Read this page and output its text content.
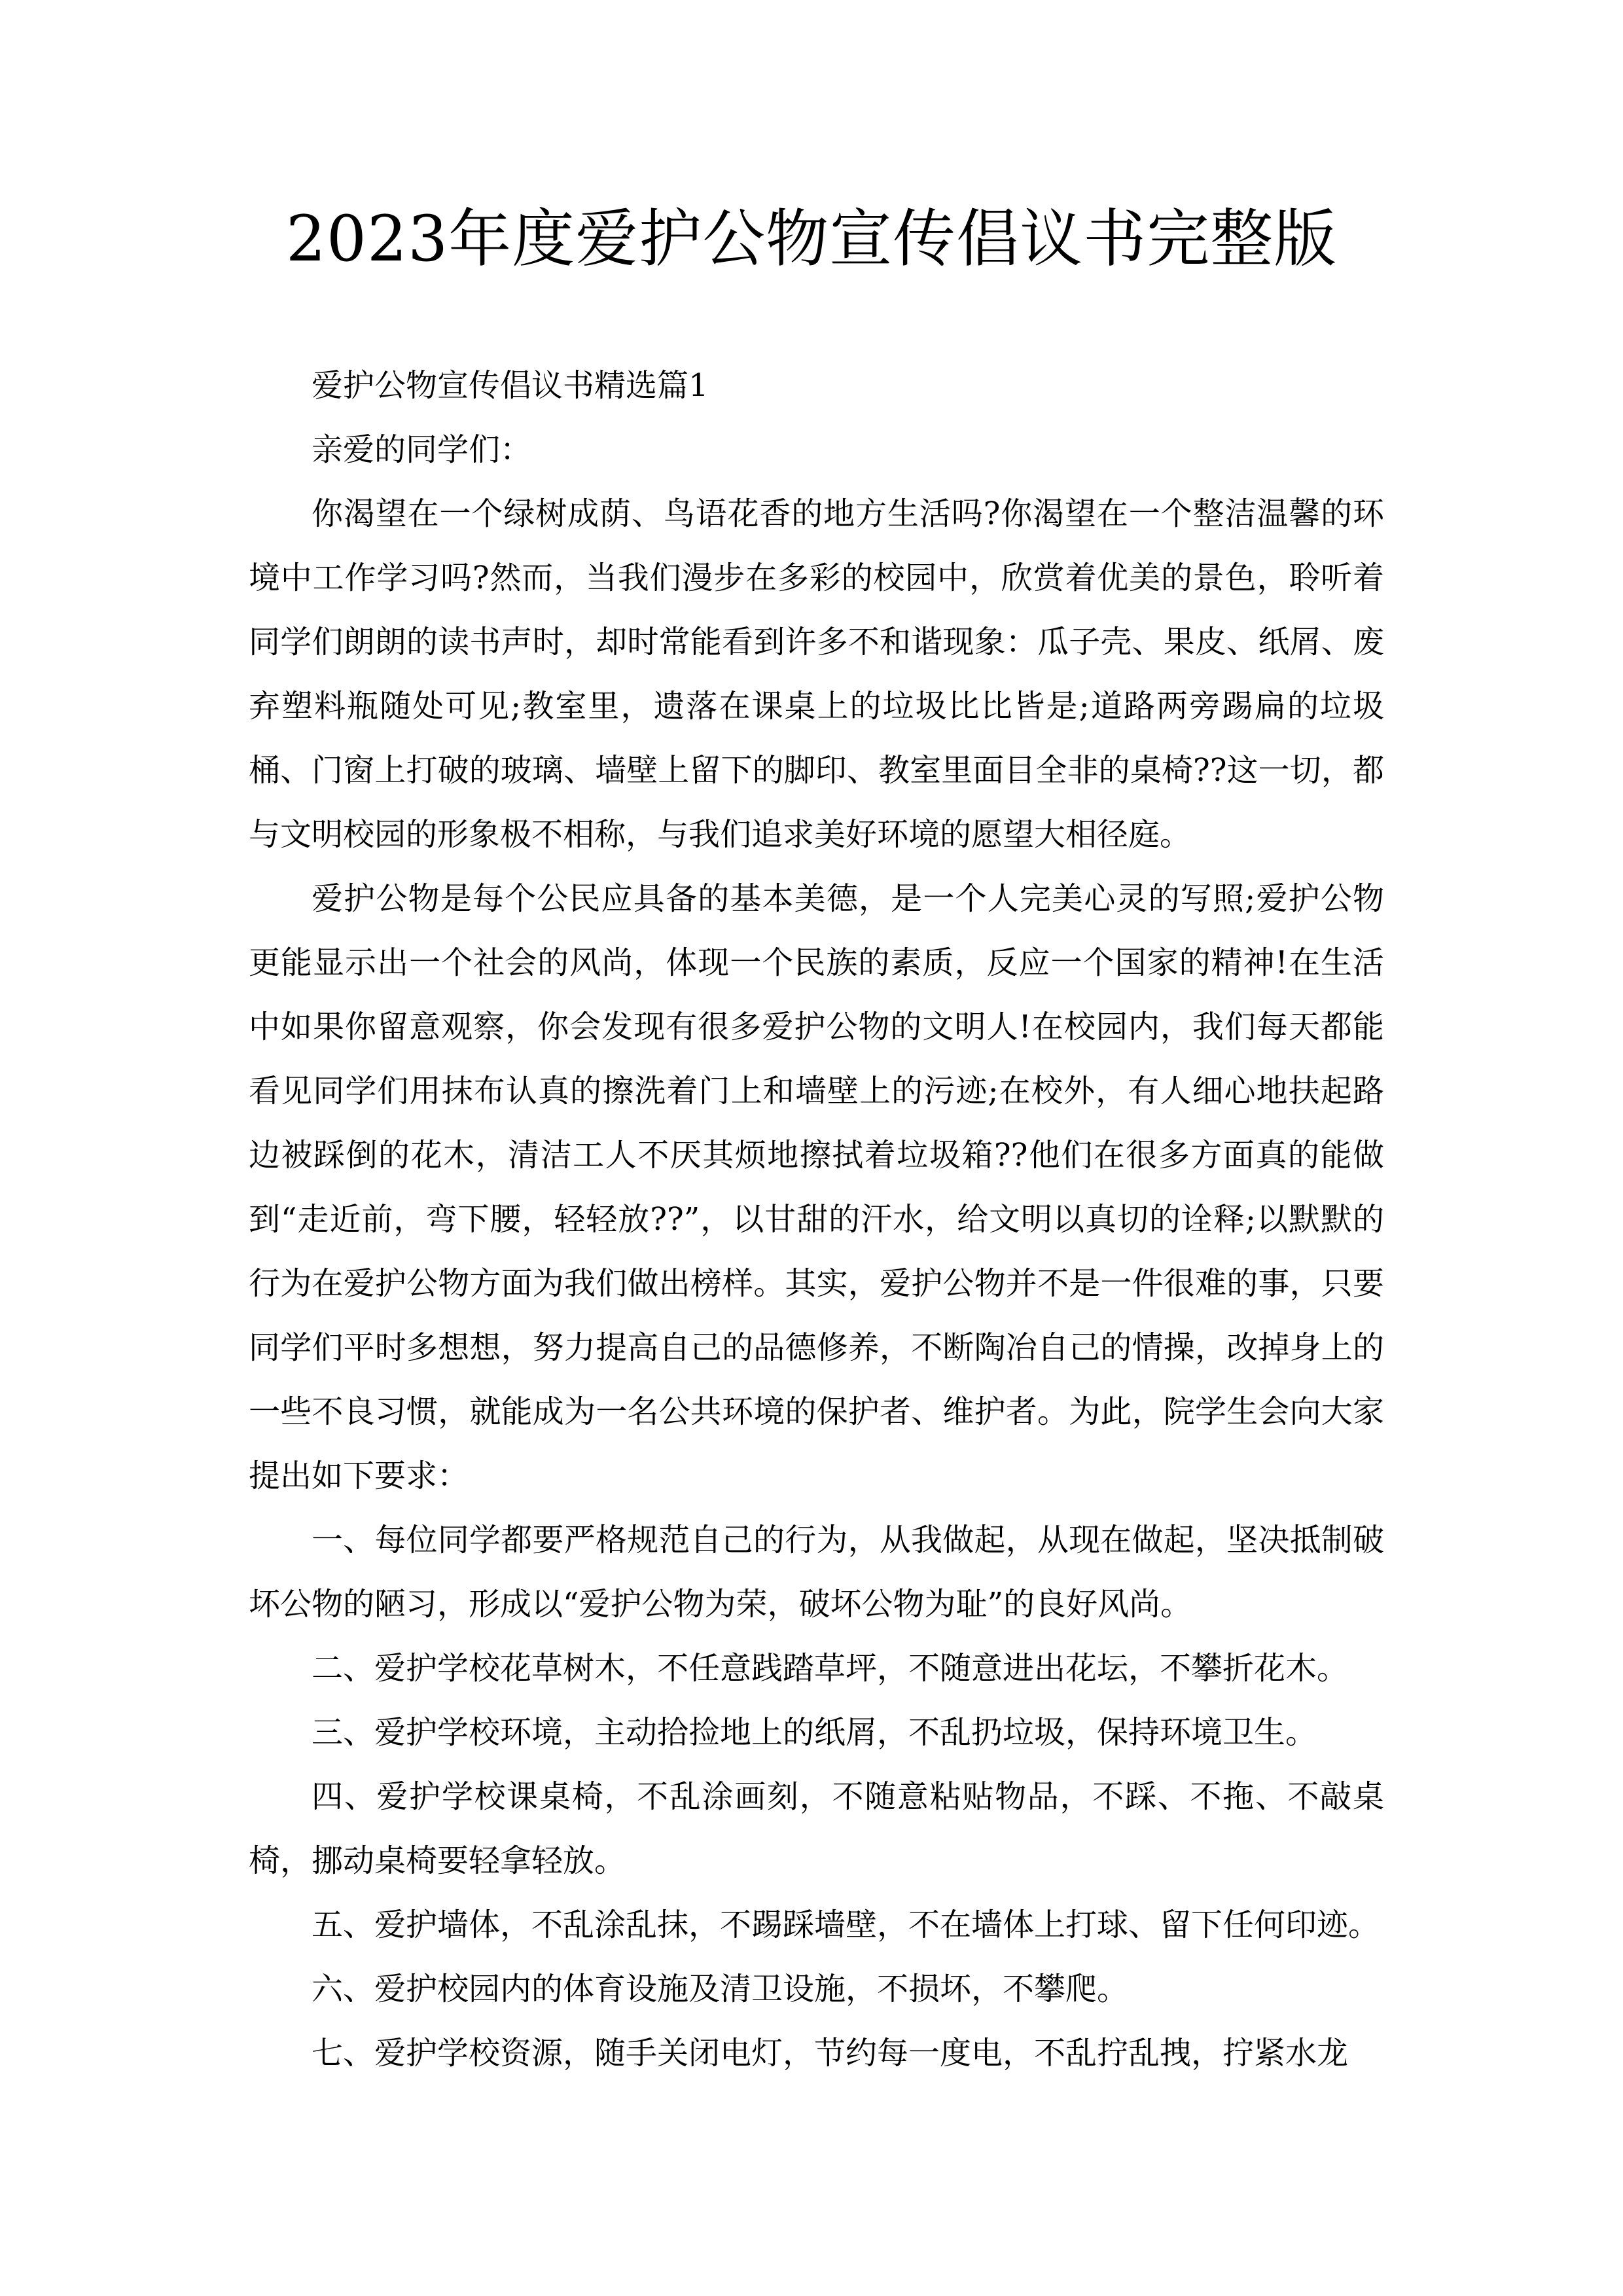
2023年度爱护公物宣传倡议书完整版

爱护公物宣传倡议书精选篇1

亲爱的同学们：

你渴望在一个绿树成荫、鸟语花香的地方生活吗?你渴望在一个整洁温馨的环境中工作学习吗?然而，当我们漫步在多彩的校园中，欣赏着优美的景色，聆听着同学们朗朗的读书声时，却时常能看到许多不和谐现象：瓜子壳、果皮、纸屑、废弃塑料瓶随处可见;教室里，遗落在课桌上的垃圾比比皆是;道路两旁踢扁的垃圾桶、门窗上打破的玻璃、墙壁上留下的脚印、教室里面目全非的桌椅??这一切，都与文明校园的形象极不相称，与我们追求美好环境的愿望大相径庭。

爱护公物是每个公民应具备的基本美德，是一个人完美心灵的写照;爱护公物更能显示出一个社会的风尚，体现一个民族的素质，反应一个国家的精神!在生活中如果你留意观察，你会发现有很多爱护公物的文明人!在校园内，我们每天都能看见同学们用抹布认真的擦洗着门上和墙壁上的污迹;在校外，有人细心地扶起路边被踩倒的花木，清洁工人不厌其烦地擦拭着垃圾箱??他们在很多方面真的能做到“走近前，弯下腰，轻轻放??”，以甘甜的汗水，给文明以真切的诠释;以默默的行为在爱护公物方面为我们做出榜样。其实，爱护公物并不是一件很难的事，只要同学们平时多想想，努力提高自己的品德修养，不断陶冶自己的情操，改掉身上的一些不良习惯，就能成为一名公共环境的保护者、维护者。为此，院学生会向大家提出如下要求：

一、每位同学都要严格规范自己的行为，从我做起，从现在做起，坚决抵制破坏公物的陋习，形成以“爱护公物为荣，破坏公物为耻”的良好风尚。

二、爱护学校花草树木，不任意践踏草坪，不随意进出花坛，不攀折花木。

三、爱护学校环境，主动拾捡地上的纸屑，不乱扔垃圾，保持环境卫生。

四、爱护学校课桌椅，不乱涂画刻，不随意粘贴物品，不踩、不拖、不敲桌椅，挪动桌椅要轻拿轻放。

五、爱护墙体，不乱涂乱抹，不踢踩墙壁，不在墙体上打球、留下任何印迹。

六、爱护校园内的体育设施及清卫设施，不损坏，不攀爬。

七、爱护学校资源，随手关闭电灯，节约每一度电，不乱拧乱拽，拧紧水龙
